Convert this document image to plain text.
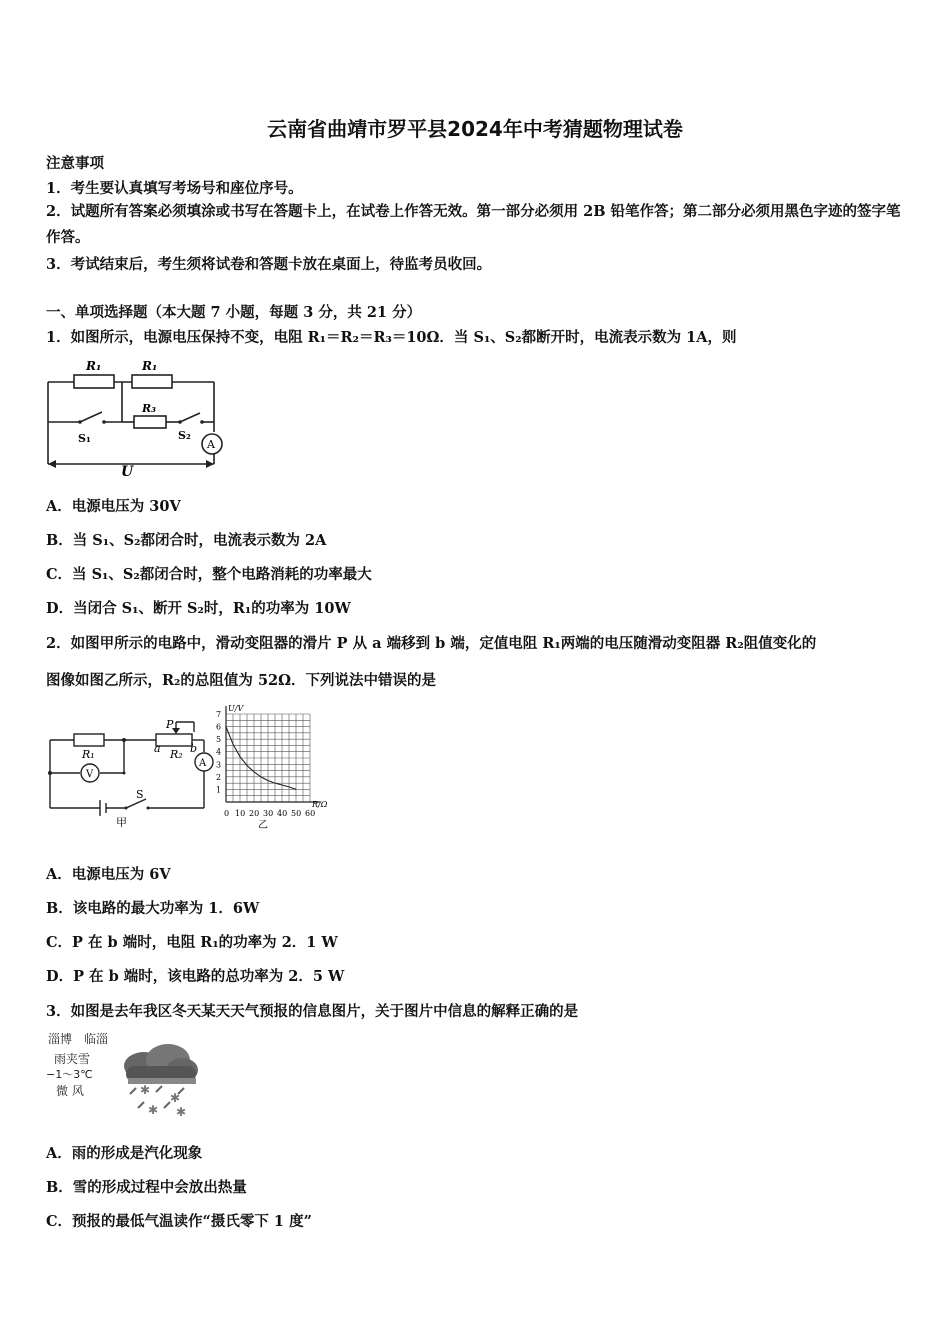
云南省曲靖市罗平县2024年中考猜题物理试卷
注意事项
1．考生要认真填写考场号和座位序号。
2．试题所有答案必须填涂或书写在答题卡上，在试卷上作答无效。第一部分必须用 2B 铅笔作答；第二部分必须用黑色字迹的签字笔作答。
3．考试结束后，考生须将试卷和答题卡放在桌面上，待监考员收回。
一、单项选择题（本大题 7 小题，每题 3 分，共 21 分）
1．如图所示，电源电压保持不变，电阻 R₁＝R₂＝R₃＝10Ω．当 S₁、S₂都断开时，电流表示数为 1A，则
R₁	R₁
R₃
S₁	S₂
A
U
A．电源电压为 30V
B．当 S₁、S₂都闭合时，电流表示数为 2A
C．当 S₁、S₂都闭合时，整个电路消耗的功率最大
D．当闭合 S₁、断开 S₂时，R₁的功率为 10W
2．如图甲所示的电路中，滑动变阻器的滑片 P 从 a 端移到 b 端，定值电阻 R₁两端的电压随滑动变阻器 R₂阻值变化的
图像如图乙所示，R₂的总阻值为 52Ω．下列说法中错误的是
R₁
P
a R₂ b
V
A
S
甲
0 10 20 30 40 50 60
1
2
3
4
5
6
7
U/V
R/Ω
乙
A．电源电压为 6V
B．该电路的最大功率为 1．6W
C．P 在 b 端时，电阻 R₁的功率为 2．1 W
D．P 在 b 端时，该电路的总功率为 2．5 W
3．如图是去年我区冬天某天天气预报的信息图片，关于图片中信息的解释正确的是
淄博　临淄
雨夹雪
−1～3℃
微 风	✱
✱
✱ ✱
A．雨的形成是汽化现象
B．雪的形成过程中会放出热量
C．预报的最低气温读作“摄氏零下 1 度”
